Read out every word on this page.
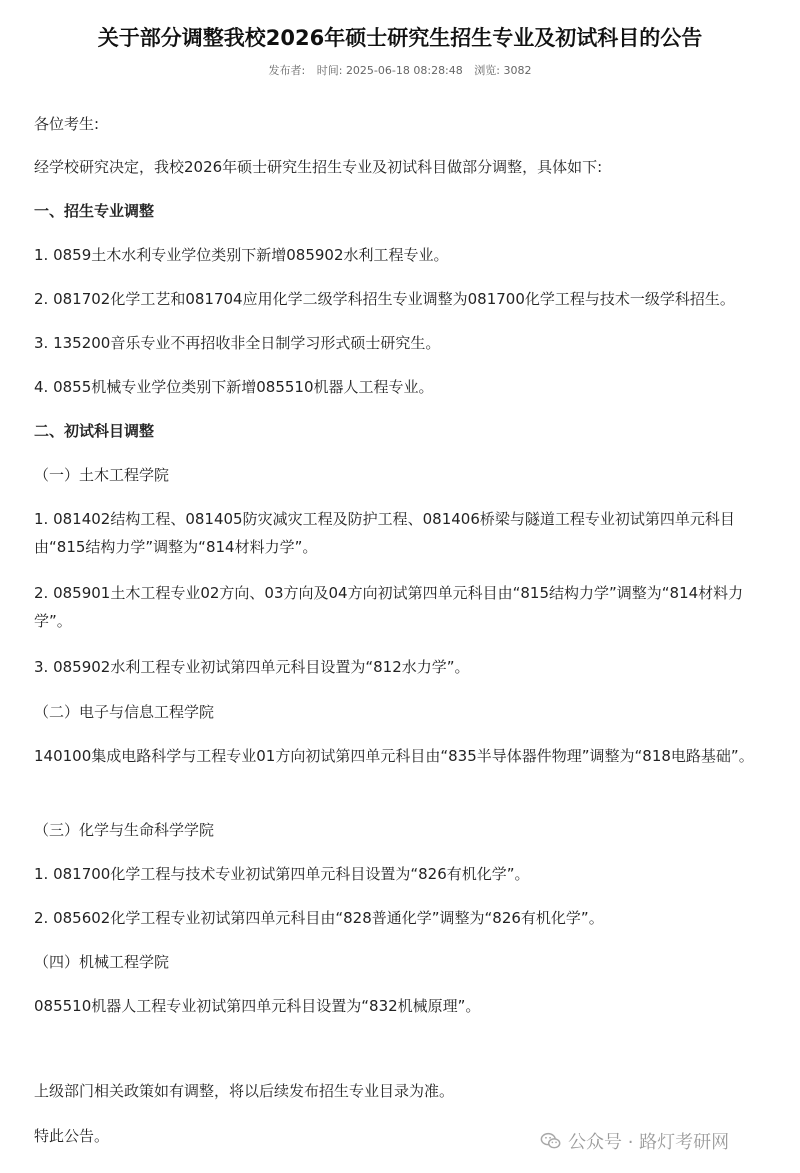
关于部分调整我校2026年硕士研究生招生专业及初试科目的公告
发布者: 时间: 2025-06-18 08:28:48 浏览: 3082
各位考生:
经学校研究决定，我校2026年硕士研究生招生专业及初试科目做部分调整，具体如下:
一、招生专业调整
1. 0859土木水利专业学位类别下新增085902水利工程专业。
2. 081702化学工艺和081704应用化学二级学科招生专业调整为081700化学工程与技术一级学科招生。
3. 135200音乐专业不再招收非全日制学习形式硕士研究生。
4. 0855机械专业学位类别下新增085510机器人工程专业。
二、初试科目调整
（一）土木工程学院
1. 081402结构工程、081405防灾减灾工程及防护工程、081406桥梁与隧道工程专业初试第四单元科目由“815结构力学”调整为“814材料力学”。
2. 085901土木工程专业02方向、03方向及04方向初试第四单元科目由“815结构力学”调整为“814材料力学”。
3. 085902水利工程专业初试第四单元科目设置为“812水力学”。
（二）电子与信息工程学院
140100集成电路科学与工程专业01方向初试第四单元科目由“835半导体器件物理”调整为“818电路基础”。
（三）化学与生命科学学院
1. 081700化学工程与技术专业初试第四单元科目设置为“826有机化学”。
2. 085602化学工程专业初试第四单元科目由“828普通化学”调整为“826有机化学”。
（四）机械工程学院
085510机器人工程专业初试第四单元科目设置为“832机械原理”。
上级部门相关政策如有调整，将以后续发布招生专业目录为准。
特此公告。	公众号 · 路灯考研网
